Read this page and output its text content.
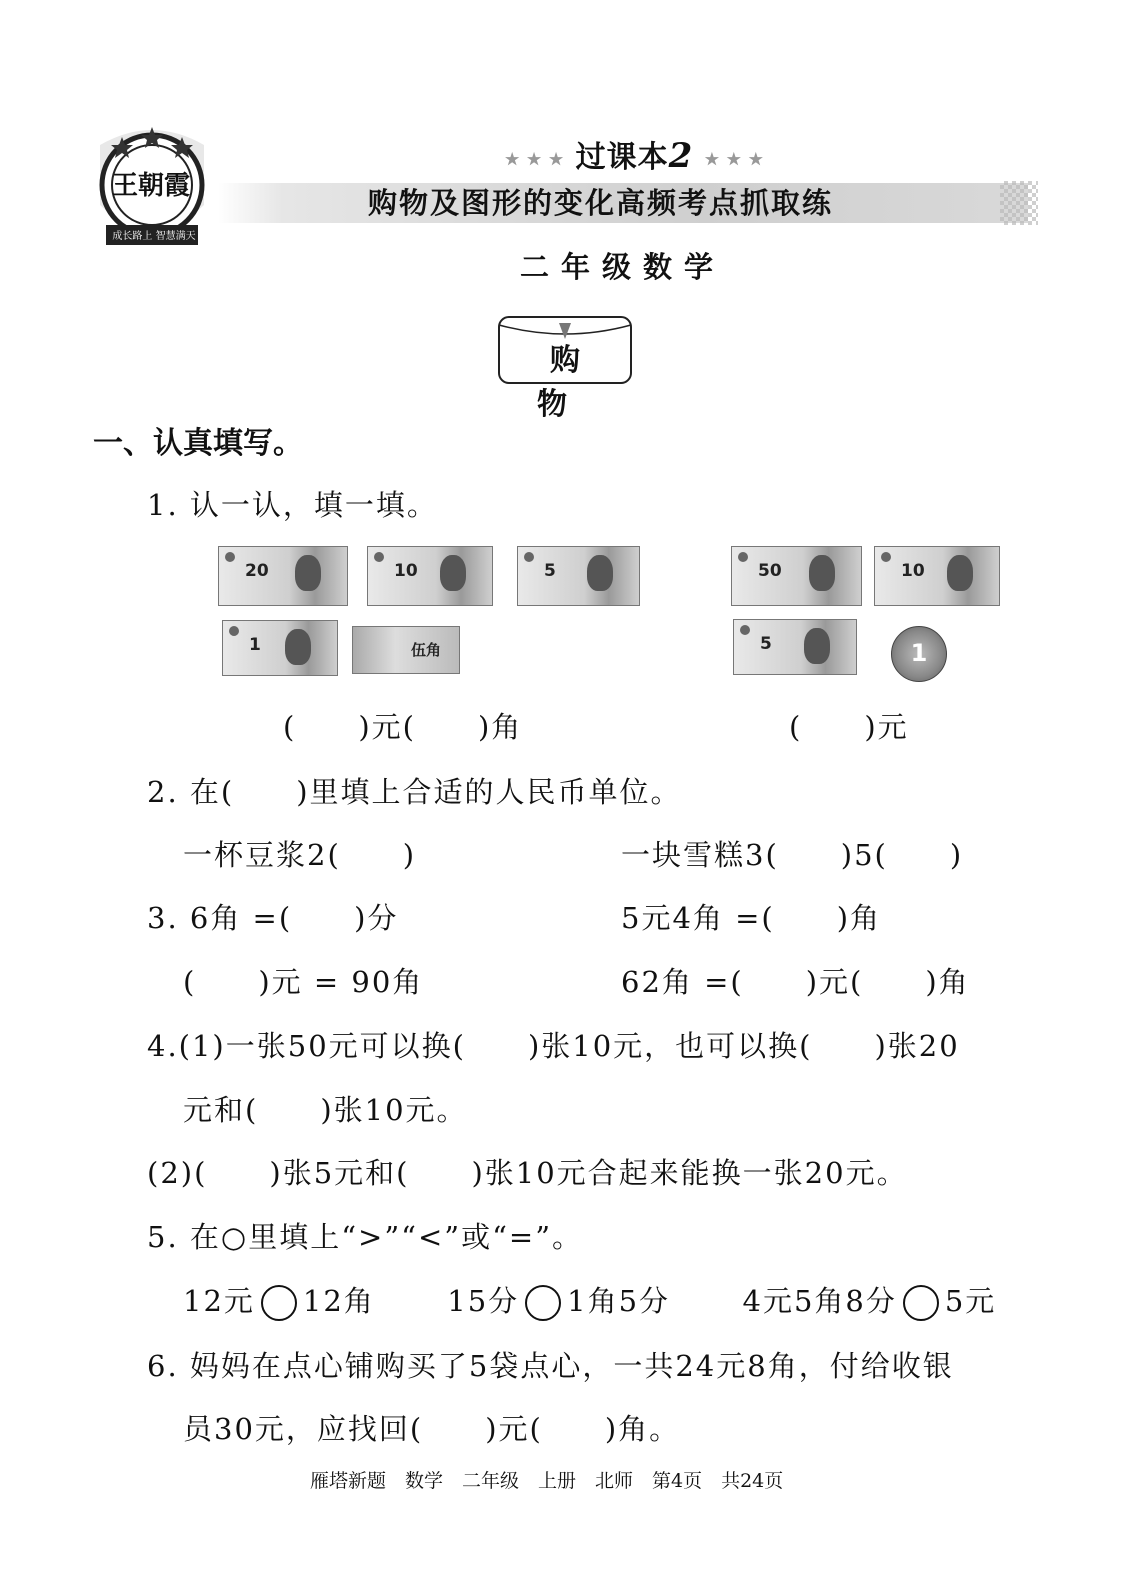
王朝霞
成长路上 智慧满天
★ ★ ★ 过课本2 ★ ★ ★
购物及图形的变化高频考点抓取练
二年级数学
购物
一、认真填写。
1. 认一认，填一填。
20	10	5
1	伍角
50	10
5	1
(　　)元(　　)角	(　　)元
2. 在(　　)里填上合适的人民币单位。
一杯豆浆2(　　)	一块雪糕3(　　)5(　　)
3. 6角 =(　　)分	5元4角 =(　　)角
(　　)元 = 90角	62角 =(　　)元(　　)角
4.(1)一张50元可以换(　　)张10元，也可以换(　　)张20
元和(　　)张10元。
(2)(　　)张5元和(　　)张10元合起来能换一张20元。
5. 在○里填上“>”“<”或“=”。
12元 12角 15分 1角5分 4元5角8分 5元
6. 妈妈在点心铺购买了5袋点心，一共24元8角，付给收银
员30元，应找回(　　)元(　　)角。
雁塔新题　数学　二年级　上册　北师　第4页　共24页
